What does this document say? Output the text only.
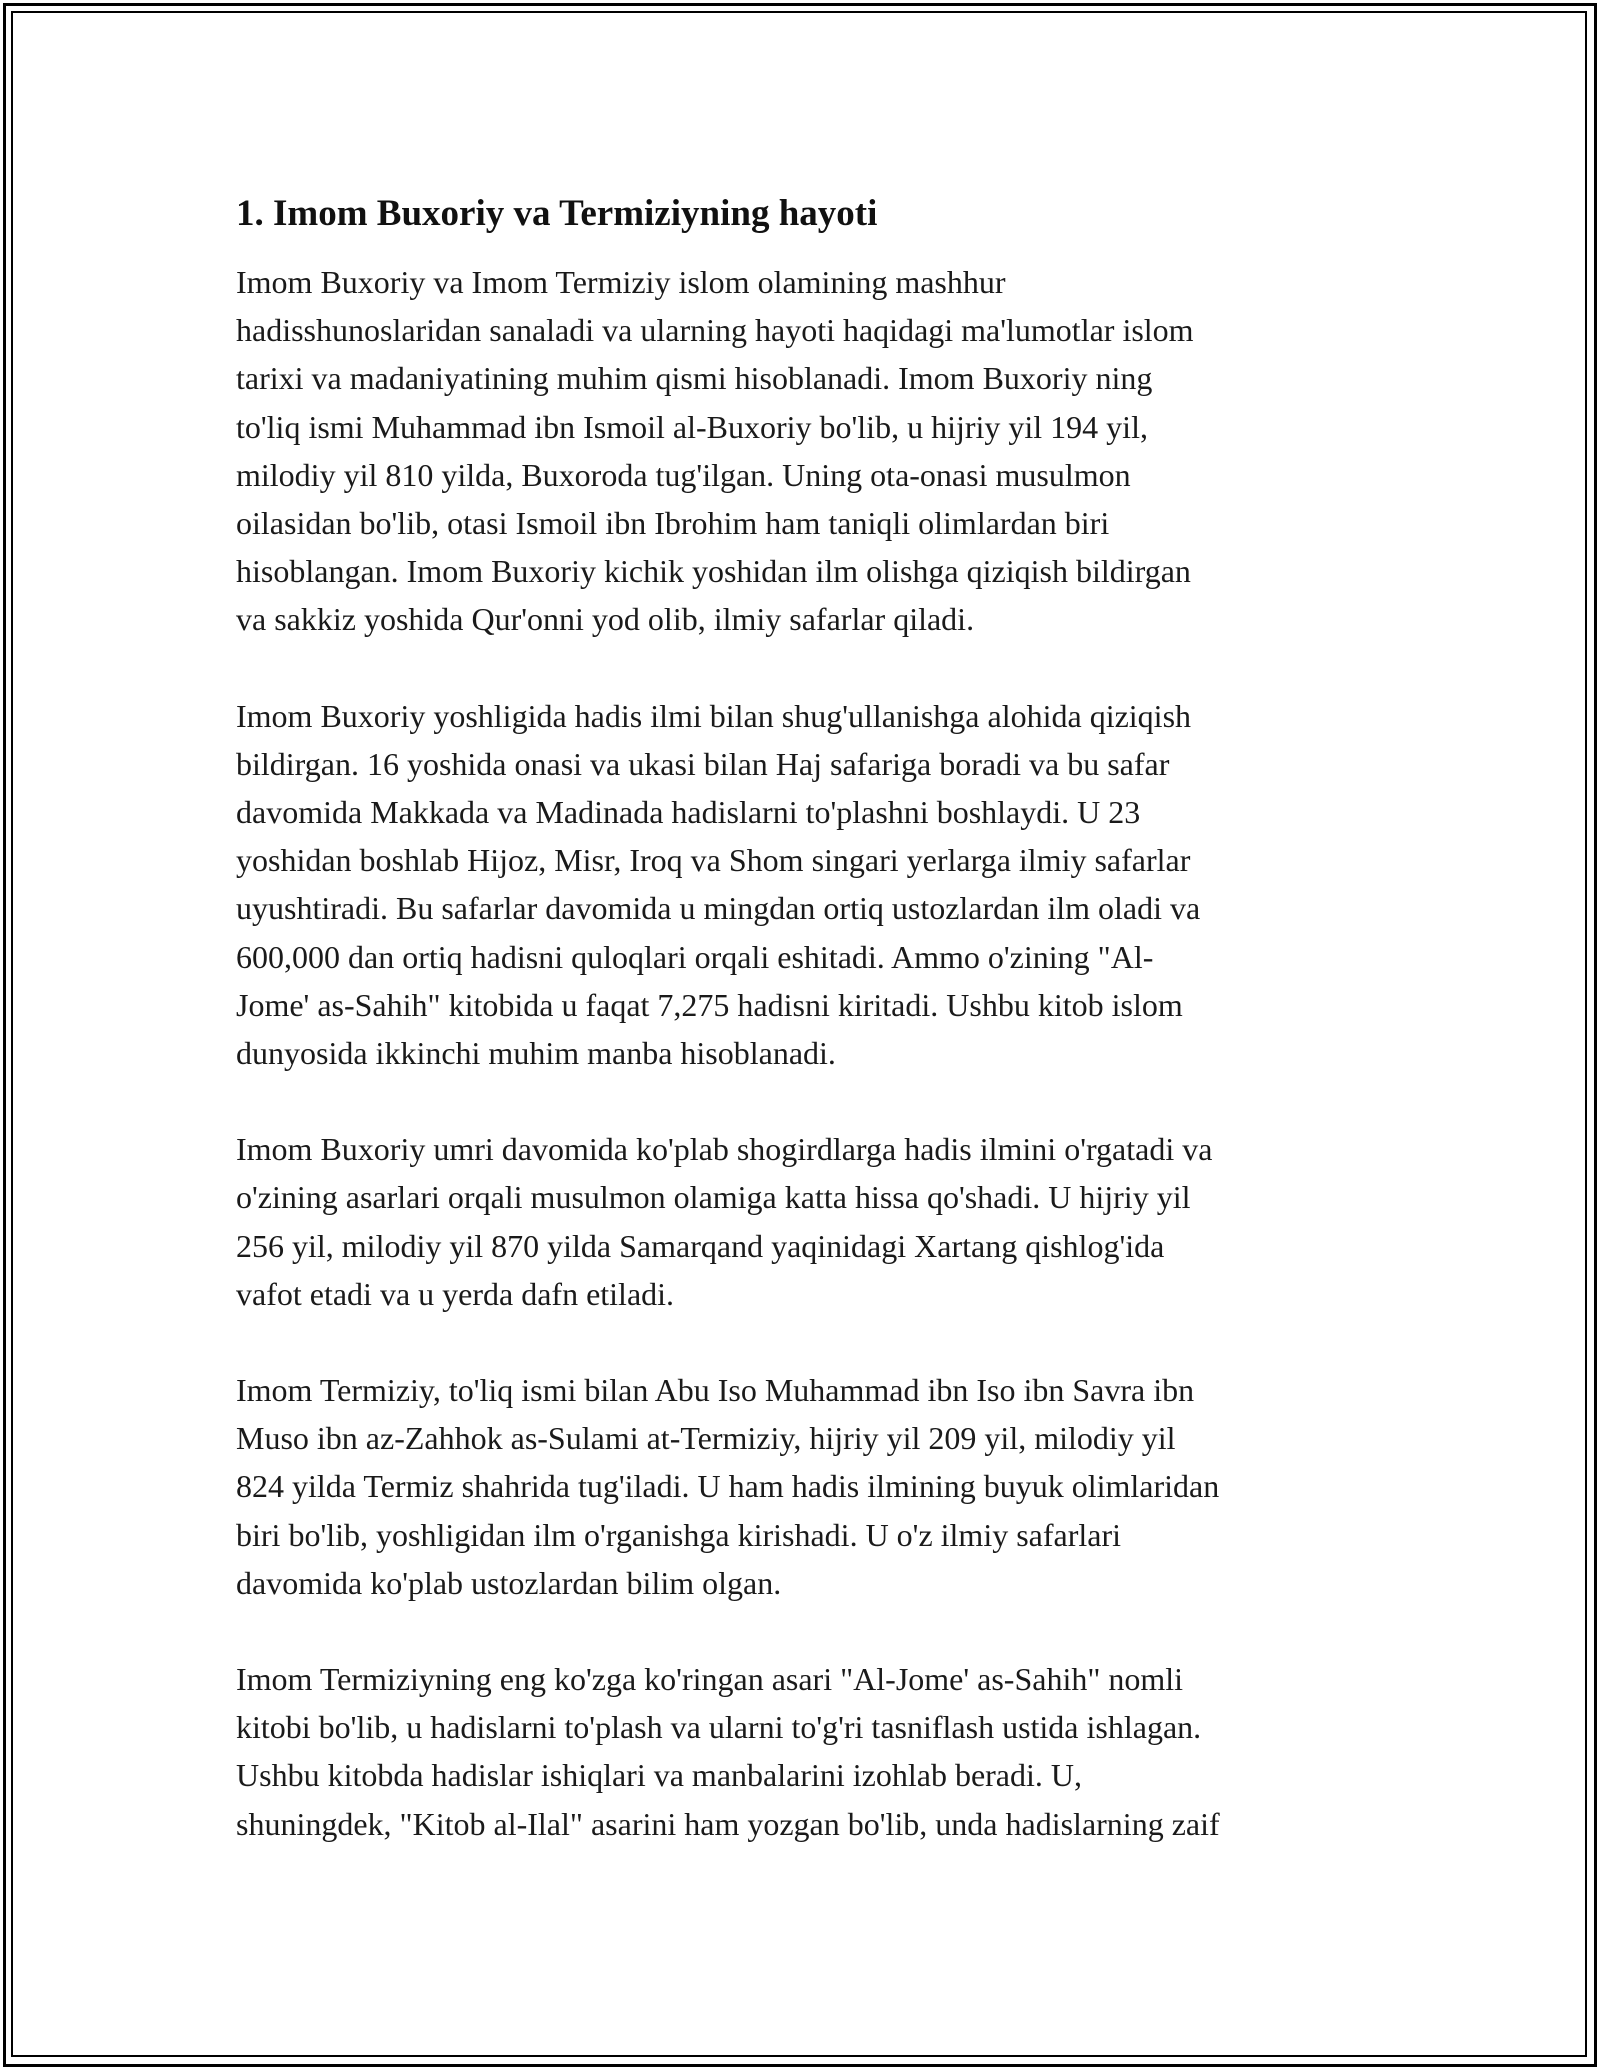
1. Imom Buxoriy va Termiziyning hayoti

Imom Buxoriy va Imom Termiziy islom olamining mashhur
hadisshunoslaridan sanaladi va ularning hayoti haqidagi ma'lumotlar islom
tarixi va madaniyatining muhim qismi hisoblanadi. Imom Buxoriy ning
to'liq ismi Muhammad ibn Ismoil al-Buxoriy bo'lib, u hijriy yil 194 yil,
milodiy yil 810 yilda, Buxoroda tug'ilgan. Uning ota-onasi musulmon
oilasidan bo'lib, otasi Ismoil ibn Ibrohim ham taniqli olimlardan biri
hisoblangan. Imom Buxoriy kichik yoshidan ilm olishga qiziqish bildirgan
va sakkiz yoshida Qur'onni yod olib, ilmiy safarlar qiladi.

Imom Buxoriy yoshligida hadis ilmi bilan shug'ullanishga alohida qiziqish
bildirgan. 16 yoshida onasi va ukasi bilan Haj safariga boradi va bu safar
davomida Makkada va Madinada hadislarni to'plashni boshlaydi. U 23
yoshidan boshlab Hijoz, Misr, Iroq va Shom singari yerlarga ilmiy safarlar
uyushtiradi. Bu safarlar davomida u mingdan ortiq ustozlardan ilm oladi va
600,000 dan ortiq hadisni quloqlari orqali eshitadi. Ammo o'zining "Al-
Jome' as-Sahih" kitobida u faqat 7,275 hadisni kiritadi. Ushbu kitob islom
dunyosida ikkinchi muhim manba hisoblanadi.

Imom Buxoriy umri davomida ko'plab shogirdlarga hadis ilmini o'rgatadi va
o'zining asarlari orqali musulmon olamiga katta hissa qo'shadi. U hijriy yil
256 yil, milodiy yil 870 yilda Samarqand yaqinidagi Xartang qishlog'ida
vafot etadi va u yerda dafn etiladi.

Imom Termiziy, to'liq ismi bilan Abu Iso Muhammad ibn Iso ibn Savra ibn
Muso ibn az-Zahhok as-Sulami at-Termiziy, hijriy yil 209 yil, milodiy yil
824 yilda Termiz shahrida tug'iladi. U ham hadis ilmining buyuk olimlaridan
biri bo'lib, yoshligidan ilm o'rganishga kirishadi. U o'z ilmiy safarlari
davomida ko'plab ustozlardan bilim olgan.

Imom Termiziyning eng ko'zga ko'ringan asari "Al-Jome' as-Sahih" nomli
kitobi bo'lib, u hadislarni to'plash va ularni to'g'ri tasniflash ustida ishlagan.
Ushbu kitobda hadislar ishiqlari va manbalarini izohlab beradi. U,
shuningdek, "Kitob al-Ilal" asarini ham yozgan bo'lib, unda hadislarning zaif
